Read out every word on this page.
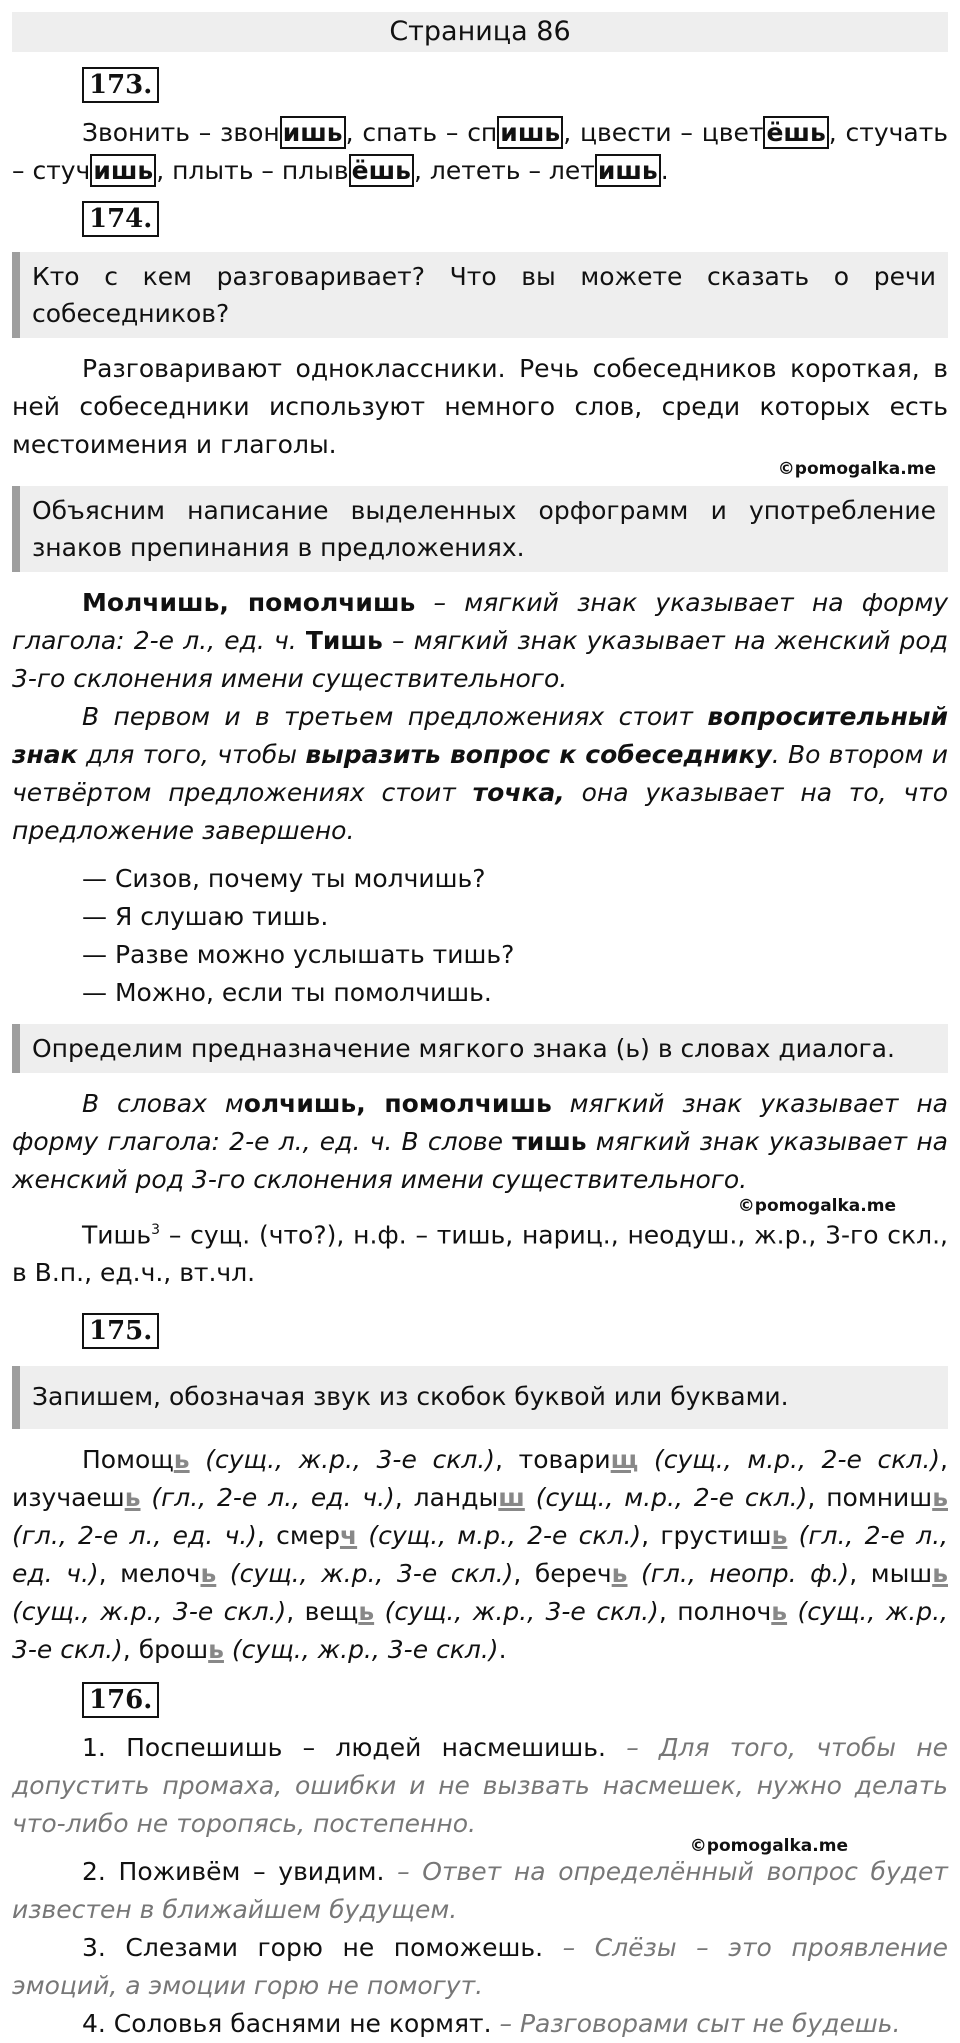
Страница 86
173.

Звонить – звон ишь , спать – сп ишь , цвести – цвет ёшь , стучать – стуч ишь , плыть – плыв ёшь , лететь – лет ишь .

174.
Кто с кем разговаривает? Что вы можете сказать о речи собеседников?

Разговаривают одноклассники. Речь собеседников короткая, в ней собеседники используют немного слов, среди которых есть местоимения и глаголы.

©pomogalka.me
Объясним написание выделенных орфограмм и употребление знаков препинания в предложениях.

Молчишь, помолчишь – мягкий знак указывает на форму глагола: 2-е л., ед. ч. Тишь – мягкий знак указывает на женский род 3-го склонения имени существительного.

В первом и в третьем предложениях стоит вопросительный знак для того, чтобы выразить вопрос к собеседнику. Во втором и четвёртом предложениях стоит точка, она указывает на то, что предложение завершено.

— Сизов, почему ты молчишь?

— Я слушаю тишь.

— Разве можно услышать тишь?

— Можно, если ты помолчишь.

Определим предназначение мягкого знака (ь) в словах диалога.

В словах молчишь, помолчишь мягкий знак указывает на форму глагола: 2-е л., ед. ч. В слове тишь мягкий знак указывает на женский род 3-го склонения имени существительного.

©pomogalka.me

Тишь$^3$ – сущ. (что?), н.ф. – тишь, нариц., неодуш., ж.р., 3-го скл., в В.п., ед.ч., вт.чл.

175.
Запишем, обозначая звук из скобок буквой или буквами.

Помощь (сущ., ж.р., 3-е скл.), товарищ (сущ., м.р., 2-е скл.), изучаешь (гл., 2-е л., ед. ч.), ландыш (сущ., м.р., 2-е скл.), помнишь (гл., 2-е л., ед. ч.), смерч (сущ., м.р., 2-е скл.), грустишь (гл., 2-е л., ед. ч.), мелочь (сущ., ж.р., 3-е скл.), беречь (гл., неопр. ф.), мышь (сущ., ж.р., 3-е скл.), вещь (сущ., ж.р., 3-е скл.), полночь (сущ., ж.р., 3-е скл.), брошь (сущ., ж.р., 3-е скл.).

176.

1. Поспешишь – людей насмешишь. – Для того, чтобы не допустить промаха, ошибки и не вызвать насмешек, нужно делать что-либо не торопясь, постепенно.

©pomogalka.me

2. Поживём – увидим. – Ответ на определённый вопрос будет известен в ближайшем будущем.

3. Слезами горю не поможешь. – Слёзы – это проявление эмоций, а эмоции горю не помогут.

4. Соловья баснями не кормят. – Разговорами сыт не будешь.
